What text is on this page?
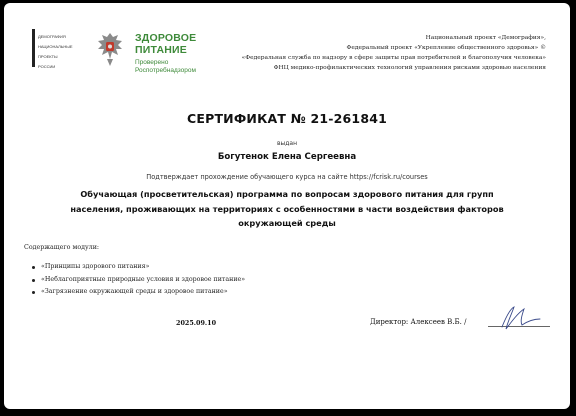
ДЕМОГРАФИЯ

НАЦИОНАЛЬНЫЕ

ПРОЕКТЫ

РОССИИ

ЗДОРОВОЕ
ПИТАНИЕ
Проверено
Роспотребнадзором
Национальный проект «Демография»,
Федеральный проект «Укрепление общественного здоровья» ©
«Федеральная служба по надзору в сфере защиты прав потребителей и благополучия человека»
ФНЦ медико-профилактических технологий управления рисками здоровью населения
СЕРТИФИКАТ № 21-261841
выдан
Богутенок Елена Сергеевна
Подтверждает прохождение обучающего курса на сайте https://fcrisk.ru/courses
Обучающая (просветительская) программа по вопросам здорового питания для групп
населения, проживающих на территориях с особенностями в части воздействия факторов
окружающей среды
Содержащего модули:
«Принципы здорового питания»
«Неблагоприятные природные условия и здоровое питание»
«Загрязнение окружающей среды и здоровое питание»
2025.09.10	Директор: Алексеев В.Б. /
